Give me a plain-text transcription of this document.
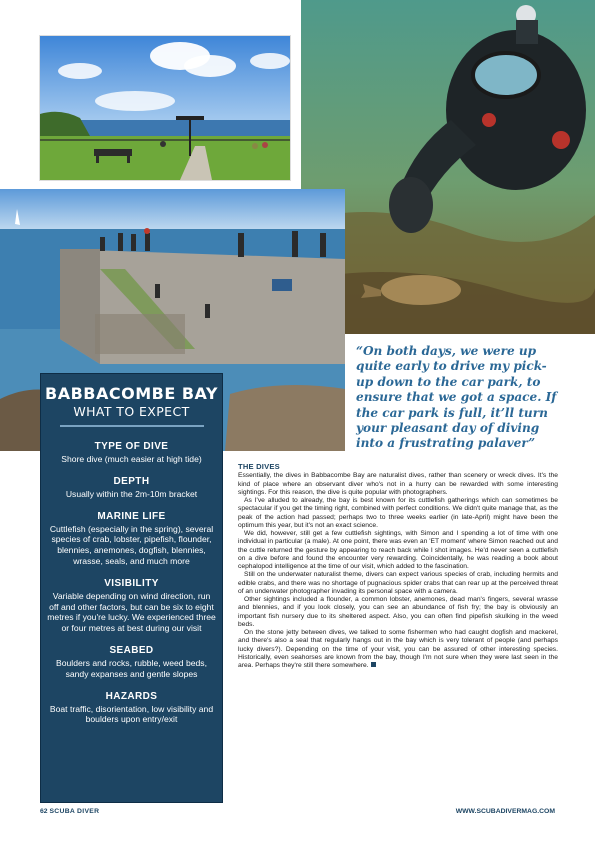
BABBACOMBE BAY
WHAT TO EXPECT
TYPE OF DIVE
Shore dive (much easier at high tide)
DEPTH
Usually within the 2m-10m bracket
MARINE LIFE
Cuttlefish (especially in the spring), several species of crab, lobster, pipefish, flounder, blennies, anemones, dogfish, blennies, wrasse, seals, and much more
VISIBILITY
Variable depending on wind direction, run off and other factors, but can be six to eight metres if you're lucky. We experienced three or four metres at best during our visit
SEABED
Boulders and rocks, rubble, weed beds, sandy expanses and gentle slopes
HAZARDS
Boat traffic, disorientation, low visibility and boulders upon entry/exit
“On both days, we were up quite early to drive my pick-up down to the car park, to ensure that we got a space. If the car park is full, it’ll turn your pleasant day of diving into a frustrating palaver”
THE DIVES

Essentially, the dives in Babbacombe Bay are naturalist dives, rather than scenery or wreck dives. It's the kind of place where an observant diver who's not in a hurry can be rewarded with some interesting sightings. For this reason, the dive is quite popular with photographers.

As I've alluded to already, the bay is best known for its cuttlefish gatherings which can sometimes be spectacular if you get the timing right, combined with perfect conditions. We didn't quite manage that, as the peak of the action had passed; perhaps two to three weeks earlier (in late-April) might have been the optimum this year, but it's not an exact science.

We did, however, still get a few cuttlefish sightings, with Simon and I spending a lot of time with one individual in particular (a male). At one point, there was even an 'ET moment' where Simon reached out and the cuttle returned the gesture by appearing to reach back while I shot images. He'd never seen a cuttlefish on a dive before and found the encounter very rewarding. Coincidentally, he was reading a book about cephalopod intelligence at the time of our visit, which added to the fascination.

Still on the underwater naturalist theme, divers can expect various species of crab, including hermits and edible crabs, and there was no shortage of pugnacious spider crabs that can rear up at the perceived threat of an underwater photographer invading its personal space with a camera.

Other sightings included a flounder, a common lobster, anemones, dead man's fingers, several wrasse and blennies, and if you look closely, you can see an abundance of fish fry; the bay is obviously an important fish nursery due to its sheltered aspect. Also, you can often find pipefish skulking in the weed beds.

On the stone jetty between dives, we talked to some fishermen who had caught dogfish and mackerel, and there's also a seal that regularly hangs out in the bay which is very tolerant of people (and perhaps lucky divers?). Depending on the time of your visit, you can be assured of other interesting species. Historically, even seahorses are known from the bay, though I'm not sure when they were last seen in the area. Perhaps they're still there somewhere.

62 SCUBA DIVER	WWW.SCUBADIVERMAG.COM
